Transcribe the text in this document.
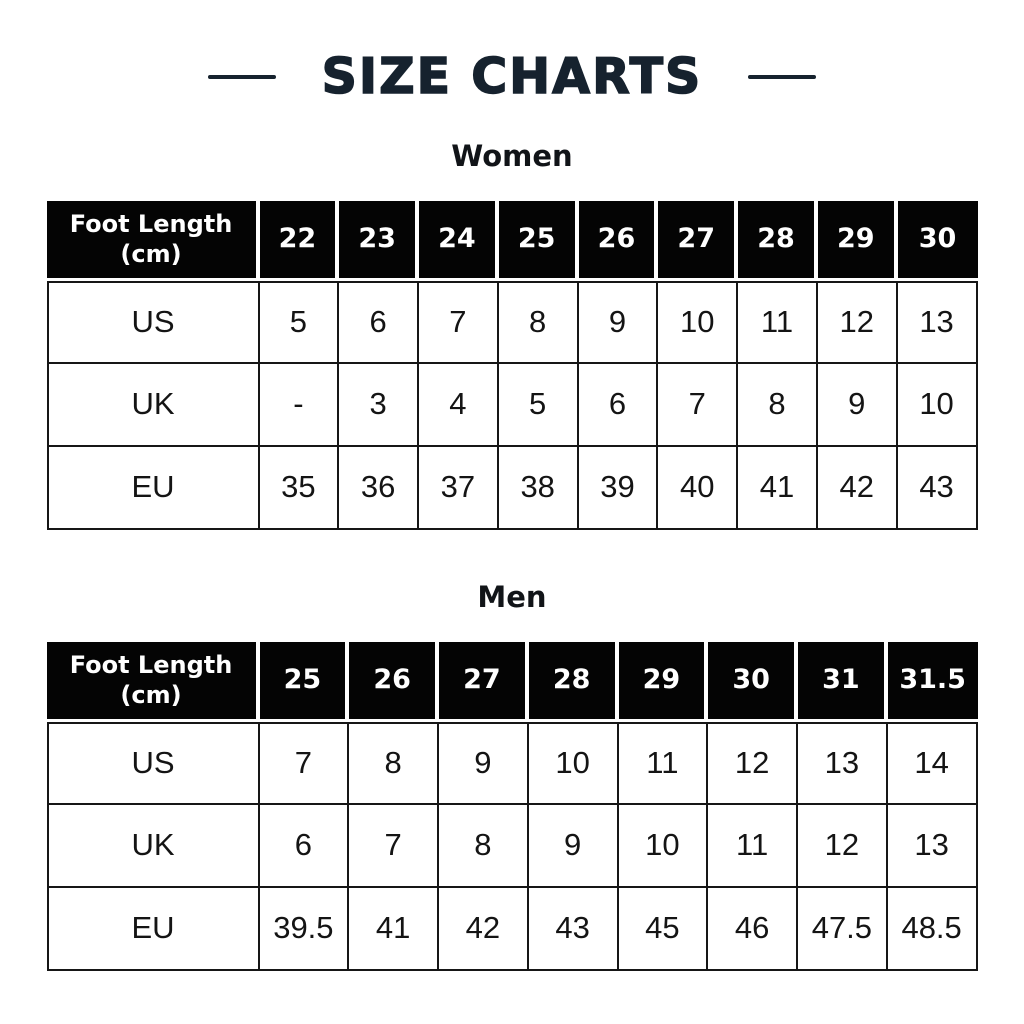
SIZE CHARTS
Women
Foot Length (cm)	22	23	24	25	26	27	28	29	30
US	5	6	7	8	9	10	11	12	13
UK	-	3	4	5	6	7	8	9	10
EU	35	36	37	38	39	40	41	42	43
Men
Foot Length (cm)	25	26	27	28	29	30	31	31.5
US	7	8	9	10	11	12	13	14
UK	6	7	8	9	10	11	12	13
EU	39.5	41	42	43	45	46	47.5	48.5
